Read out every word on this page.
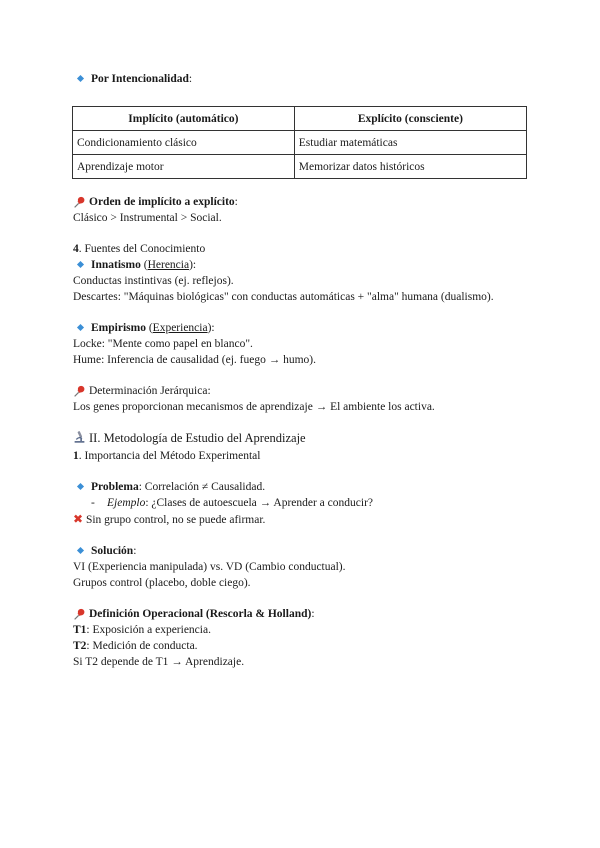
Por Intencionalidad:
Implícito (automático)	Explícito (consciente)
Condicionamiento clásico	Estudiar matemáticas
Aprendizaje motor	Memorizar datos históricos
Orden de implícito a explícito:
Clásico > Instrumental > Social.
4. Fuentes del Conocimiento
Innatismo (Herencia):
Conductas instintivas (ej. reflejos).
Descartes: "Máquinas biológicas" con conductas automáticas + "alma" humana (dualismo).
Empirismo (Experiencia):
Locke: "Mente como papel en blanco".
Hume: Inferencia de causalidad (ej. fuego → humo).
Determinación Jerárquica:
Los genes proporcionan mecanismos de aprendizaje → El ambiente los activa.
II. Metodología de Estudio del Aprendizaje
1. Importancia del Método Experimental
Problema: Correlación ≠ Causalidad.
- Ejemplo: ¿Clases de autoescuela → Aprender a conducir?
✖ Sin grupo control, no se puede afirmar.
Solución:
VI (Experiencia manipulada) vs. VD (Cambio conductual).
Grupos control (placebo, doble ciego).
Definición Operacional (Rescorla & Holland):
T1: Exposición a experiencia.
T2: Medición de conducta.
Si T2 depende de T1 → Aprendizaje.
